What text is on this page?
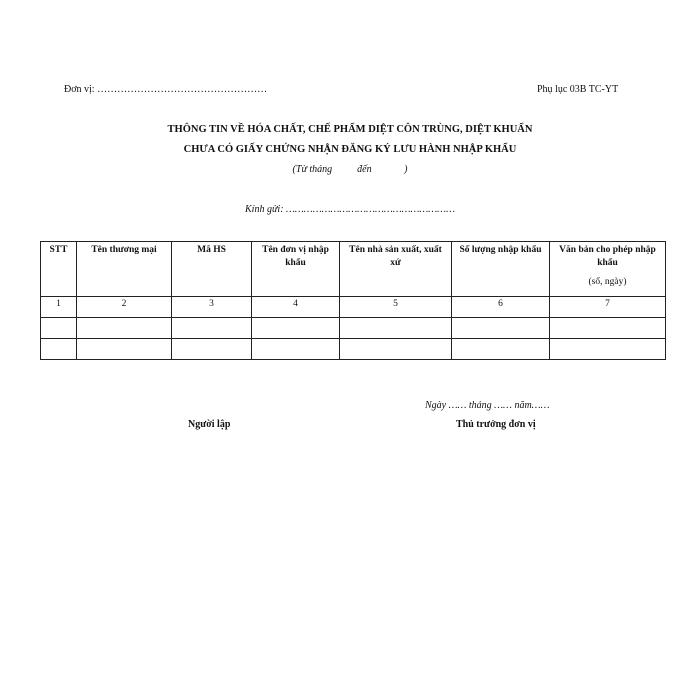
Đơn vị: ……………………………………………	Phụ lục 03B TC-YT
THÔNG TIN VỀ HÓA CHẤT, CHẾ PHẨM DIỆT CÔN TRÙNG, DIỆT KHUẨN
CHƯA CÓ GIẤY CHỨNG NHẬN ĐĂNG KÝ LƯU HÀNH NHẬP KHẨU
(Từ tháng          đến             )
Kính gửi: …………………………………………………
STT	Tên thương mại	Mã HS	Tên đơn vị nhập khẩu	Tên nhà sản xuất, xuất xứ	Số lượng nhập khẩu	Văn bản cho phép nhập khẩu
(số, ngày)

1	2	3	4	5	6	7

Ngày …… tháng …… năm……
Người lập	Thủ trưởng đơn vị
